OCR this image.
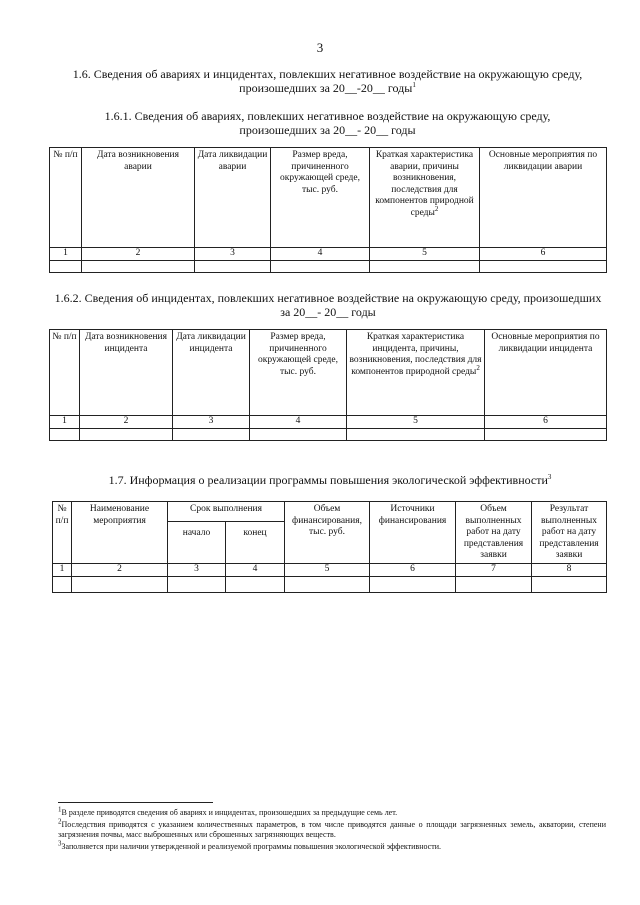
3
1.6. Сведения об авариях и инцидентах, повлекших негативное воздействие на окружающую среду,
произошедших за 20__-20__ годы$^1$
1.6.1. Сведения об авариях, повлекших негативное воздействие на окружающую среду,
произошедших за 20__- 20__ годы
№ п/п	Дата возникновения аварии	Дата ликвидации аварии	Размер вреда, причиненного окружающей среде, тыс. руб.	Краткая характеристика аварии, причины возникновения, последствия для компонентов природной среды$^2$	Основные мероприятия по ликвидации аварии
1	2	3	4	5	6

1.6.2. Сведения об инцидентах, повлекших негативное воздействие на окружающую среду, произошедших
за 20__- 20__ годы
№ п/п	Дата возникновения инцидента	Дата ликвидации инцидента	Размер вреда, причиненного окружающей среде, тыс. руб.	Краткая характеристика инцидента, причины, возникновения, последствия для компонентов природной среды$^2$	Основные мероприятия по ликвидации инцидента
1	2	3	4	5	6

1.7. Информация о реализации программы повышения экологической эффективности$^3$
№ п/п	Наименование мероприятия	Срок выполнения		Объем финансирования, тыс. руб.	Источники финансирования	Объем выполненных работ на дату представления заявки	Результат выполненных работ на дату представления заявки
		начало	конец				
1	2	3	4	5	6	7	8

$^1$В разделе приводятся сведения об авариях и инцидентах, произошедших за предыдущие семь лет.
$^2$Последствия приводятся с указанием количественных параметров, в том числе приводятся данные о площади загрязненных земель, акватории, степени загрязнения почвы, масс выброшенных или сброшенных загрязняющих веществ.
$^3$Заполняется при наличии утвержденной и реализуемой программы повышения экологической эффективности.
